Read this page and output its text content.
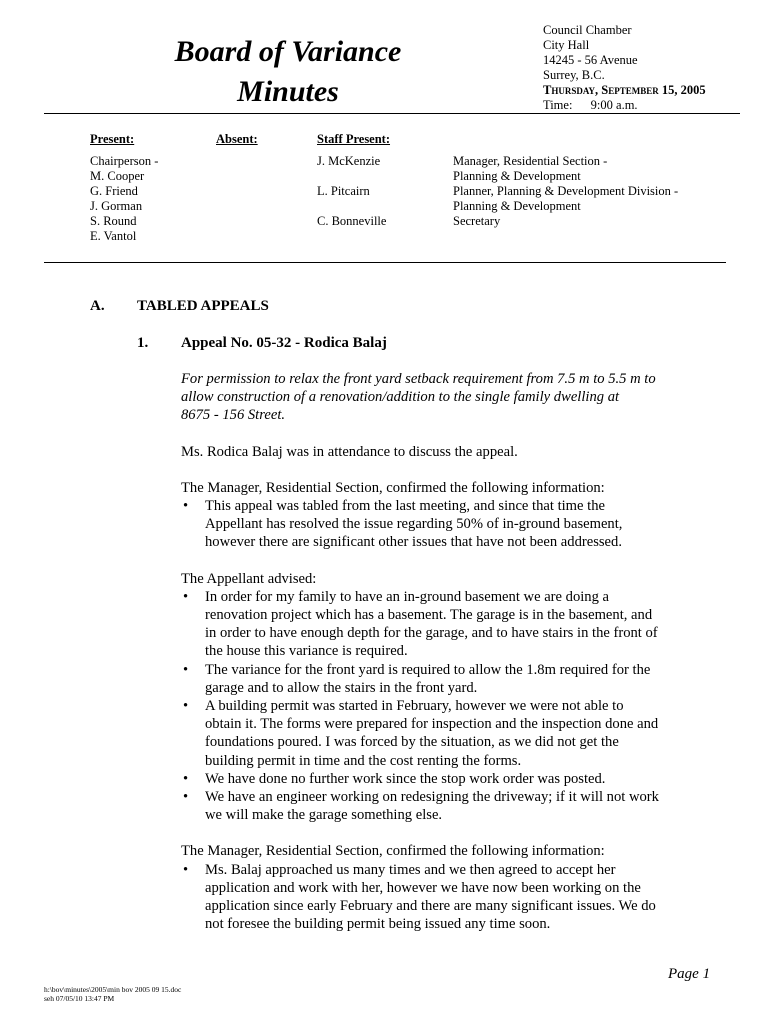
Board of Variance
Minutes
Council Chamber
City Hall
14245 - 56 Avenue
Surrey, B.C.
Thursday, September 15, 2005
Time: 9:00 a.m.
Present:
Chairperson -
M. Cooper
G. Friend
J. Gorman
S. Round
E. Vantol
Absent:	Staff Present:
J. McKenzie
L. Pitcairn
C. Bonneville
Manager, Residential Section -
Planning & Development
Planner, Planning & Development Division -
Planning & Development
Secretary
A. TABLED APPEALS
1. Appeal No. 05-32 - Rodica Balaj
For permission to relax the front yard setback requirement from 7.5 m to 5.5 m to
allow construction of a renovation/addition to the single family dwelling at
8675 - 156 Street.

Ms. Rodica Balaj was in attendance to discuss the appeal.

The Manager, Residential Section, confirmed the following information:

• This appeal was tabled from the last meeting, and since that time the
Appellant has resolved the issue regarding 50% of in-ground basement,
however there are significant other issues that have not been addressed.

The Appellant advised:

• In order for my family to have an in-ground basement we are doing a
renovation project which has a basement. The garage is in the basement, and
in order to have enough depth for the garage, and to have stairs in the front of
the house this variance is required.
• The variance for the front yard is required to allow the 1.8m required for the
garage and to allow the stairs in the front yard.
• A building permit was started in February, however we were not able to
obtain it. The forms were prepared for inspection and the inspection done and
foundations poured. I was forced by the situation, as we did not get the
building permit in time and the cost renting the forms.
• We have done no further work since the stop work order was posted.
• We have an engineer working on redesigning the driveway; if it will not work
we will make the garage something else.

The Manager, Residential Section, confirmed the following information:

• Ms. Balaj approached us many times and we then agreed to accept her
application and work with her, however we have now been working on the
application since early February and there are many significant issues. We do
not foresee the building permit being issued any time soon.
Page 1
h:\bov\minutes\2005\min bov 2005 09 15.doc
seh 07/05/10 13:47 PM
